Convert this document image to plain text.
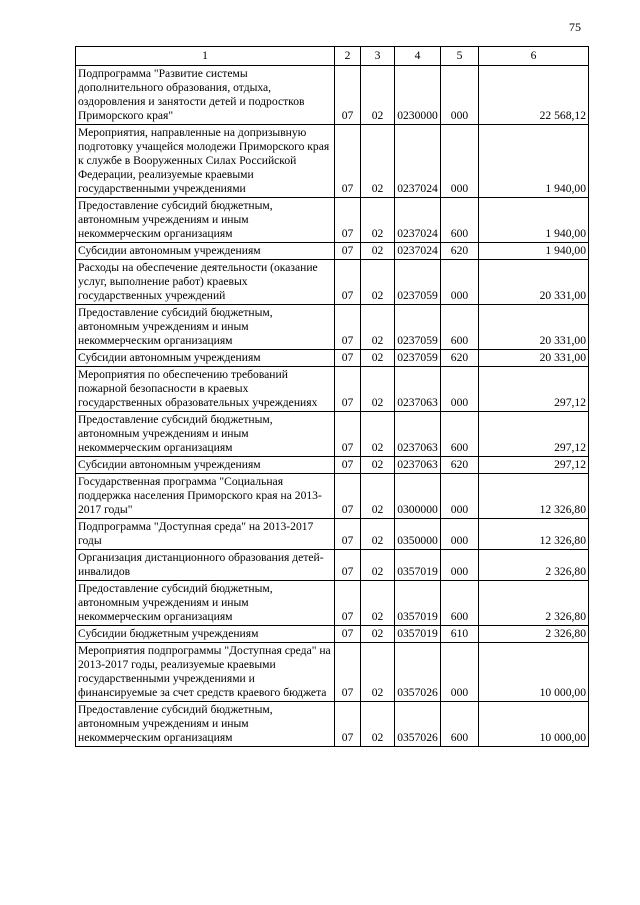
75
1	2	3	4	5	6
Подпрограмма "Развитие системы дополнительного образования, отдыха, оздоровления и занятости детей и подростков Приморского края"	07	02	0230000	000	22 568,12
Мероприятия, направленные на допризывную подготовку учащейся молодежи Приморского края к службе в Вооруженных Силах Российской Федерации, реализуемые краевыми государственными учреждениями	07	02	0237024	000	1 940,00
Предоставление субсидий бюджетным, автономным учреждениям и иным некоммерческим организациям	07	02	0237024	600	1 940,00
Субсидии автономным учреждениям	07	02	0237024	620	1 940,00
Расходы на обеспечение деятельности (оказание услуг, выполнение работ) краевых государственных учреждений	07	02	0237059	000	20 331,00
Предоставление субсидий бюджетным, автономным учреждениям и иным некоммерческим организациям	07	02	0237059	600	20 331,00
Субсидии автономным учреждениям	07	02	0237059	620	20 331,00
Мероприятия по обеспечению требований пожарной безопасности в краевых государственных образовательных учреждениях	07	02	0237063	000	297,12
Предоставление субсидий бюджетным, автономным учреждениям и иным некоммерческим организациям	07	02	0237063	600	297,12
Субсидии автономным учреждениям	07	02	0237063	620	297,12
Государственная программа "Социальная поддержка населения Приморского края на 2013-2017 годы"	07	02	0300000	000	12 326,80
Подпрограмма "Доступная среда" на 2013-2017 годы	07	02	0350000	000	12 326,80
Организация дистанционного образования детей-инвалидов	07	02	0357019	000	2 326,80
Предоставление субсидий бюджетным, автономным учреждениям и иным некоммерческим организациям	07	02	0357019	600	2 326,80
Субсидии бюджетным учреждениям	07	02	0357019	610	2 326,80
Мероприятия подпрограммы "Доступная среда" на 2013-2017 годы, реализуемые краевыми государственными учреждениями и финансируемые за счет средств краевого бюджета	07	02	0357026	000	10 000,00
Предоставление субсидий бюджетным, автономным учреждениям и иным некоммерческим организациям	07	02	0357026	600	10 000,00
